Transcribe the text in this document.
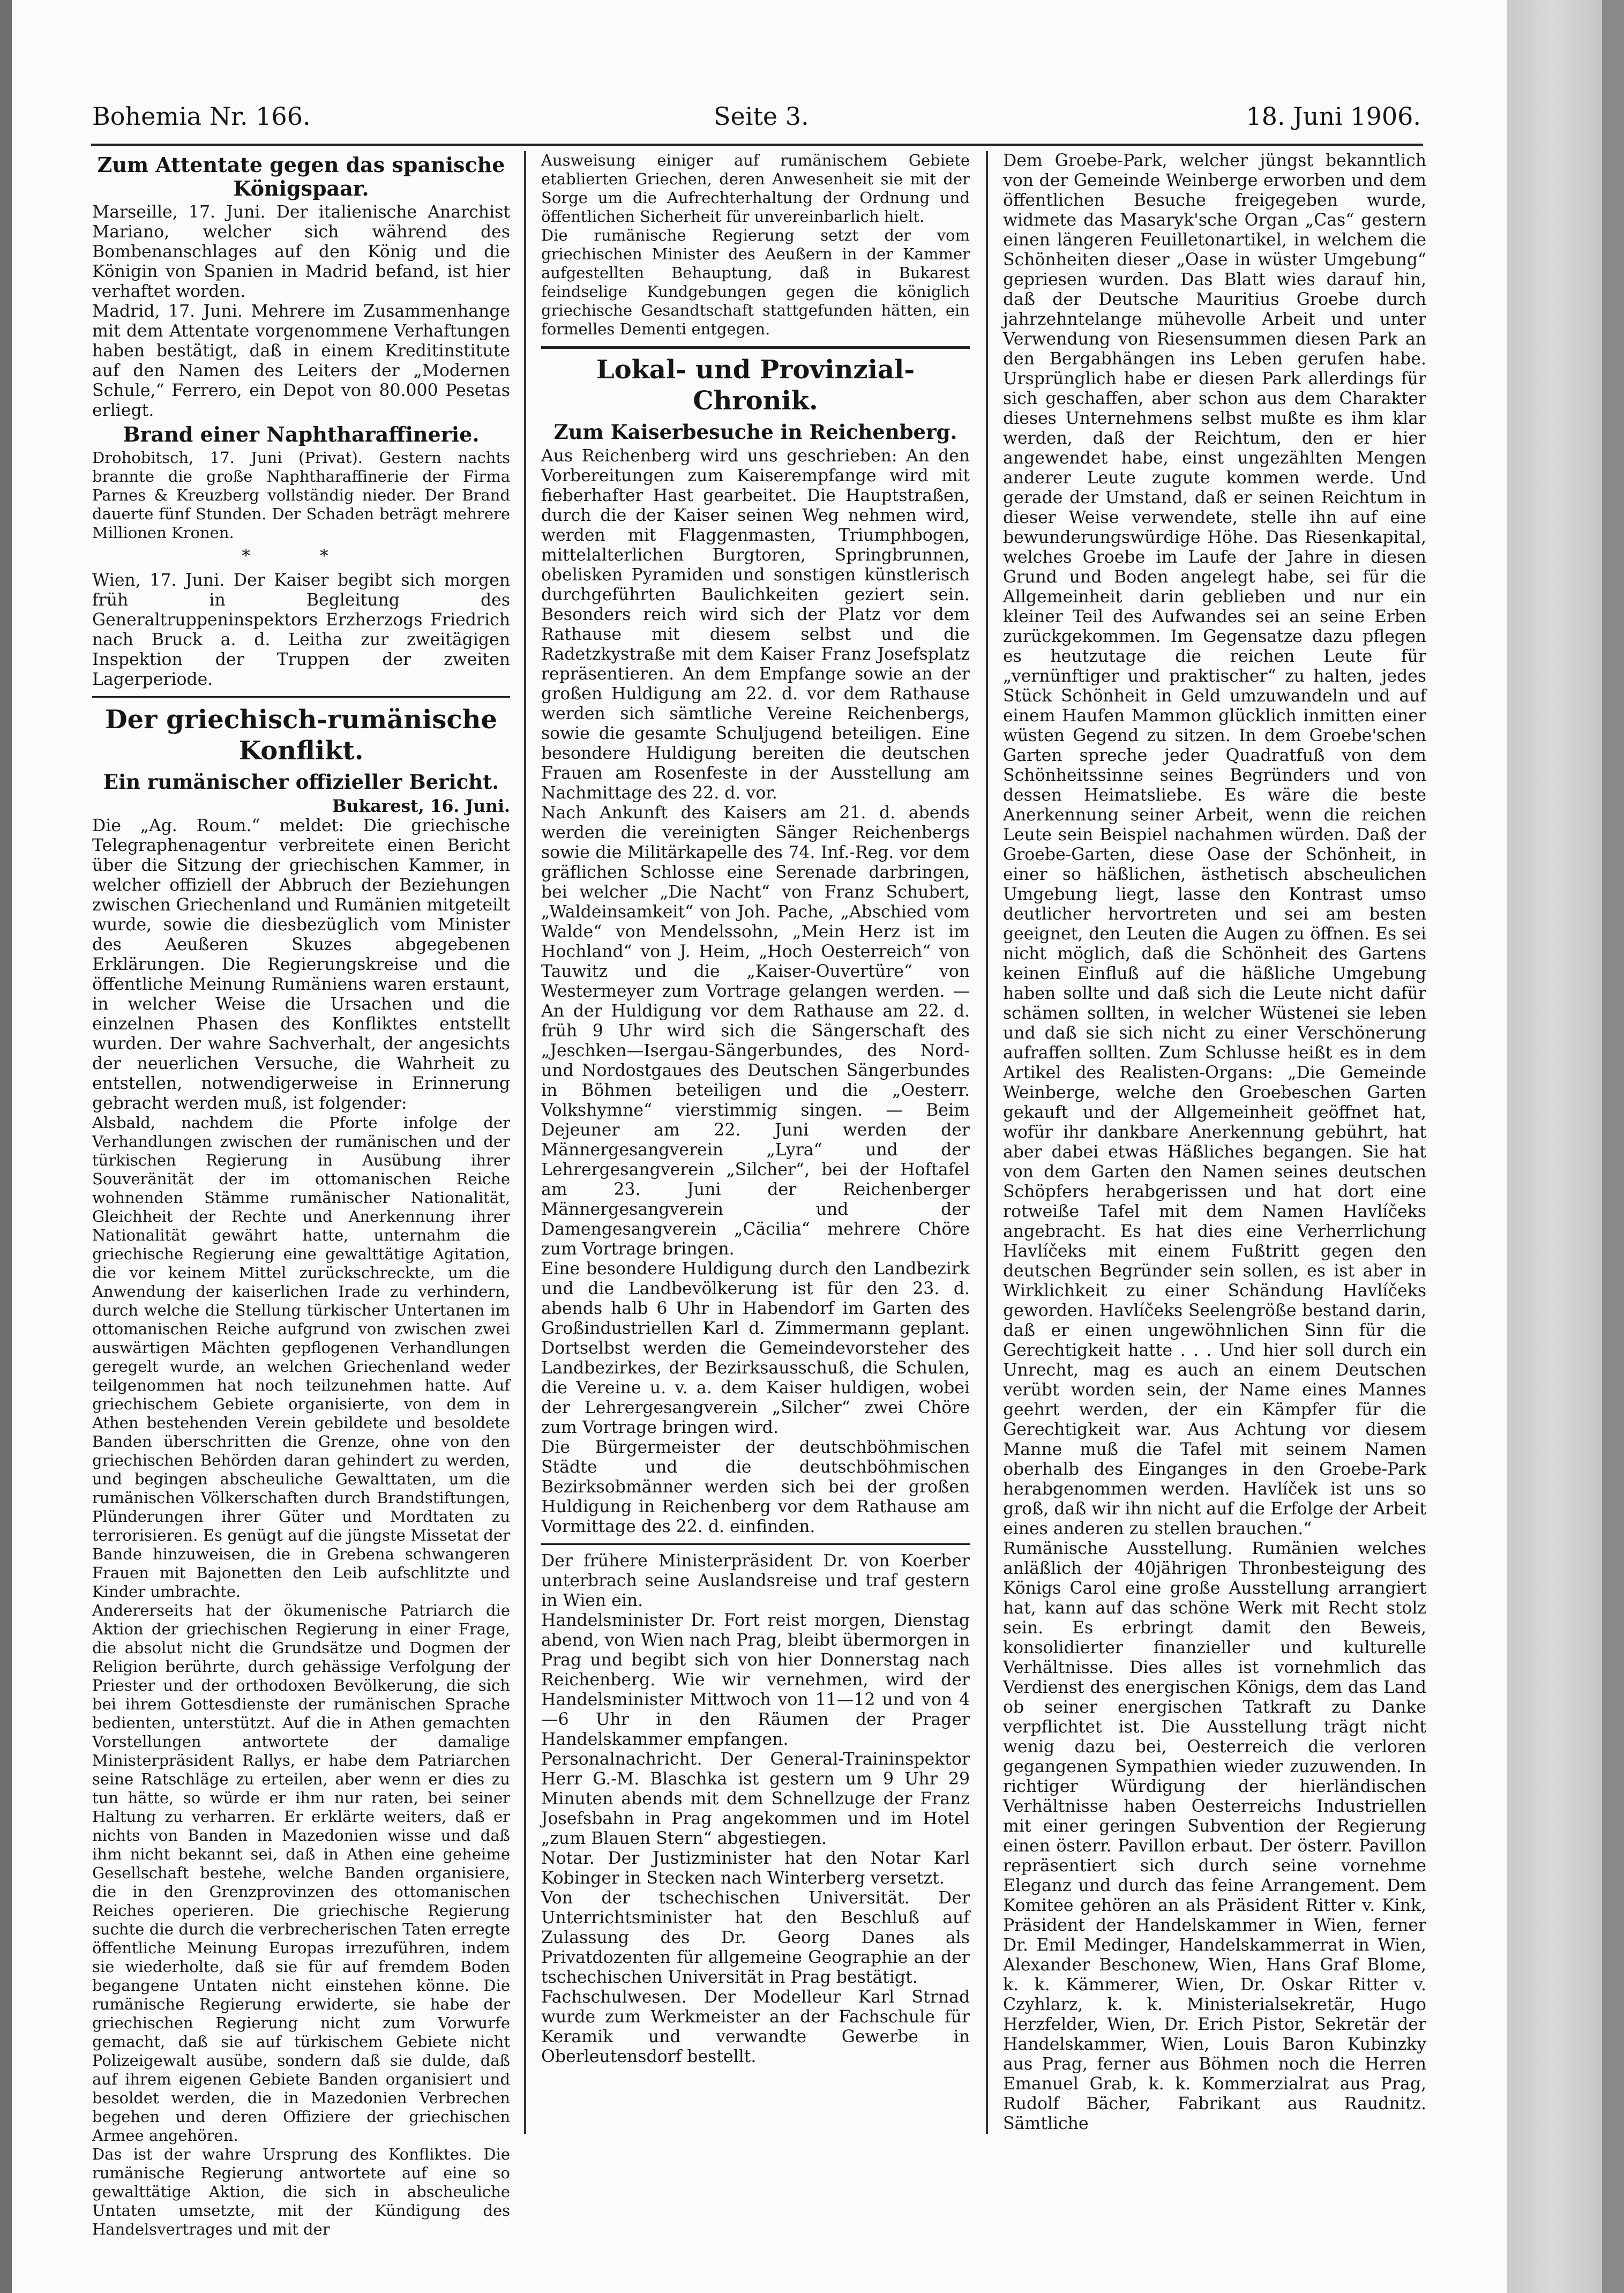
Bohemia Nr. 166.	Seite 3.	18. Juni 1906.
Zum Attentate gegen das spanische Königspaar.

Marseille, 17. Juni. Der italienische Anarchist Mariano, welcher sich während des Bombenanschlages auf den König und die Königin von Spanien in Madrid befand, ist hier verhaftet worden.

Madrid, 17. Juni. Mehrere im Zusammenhange mit dem Attentate vorgenommene Verhaftungen haben bestätigt, daß in einem Kreditinstitute auf den Namen des Leiters der „Modernen Schule,“ Ferrero, ein Depot von 80.000 Pesetas erliegt.

Brand einer Naphtharaffinerie.

Drohobitsch, 17. Juni (Privat). Gestern nachts brannte die große Naphtharaffinerie der Firma Parnes & Kreuzberg vollständig nieder. Der Brand dauerte fünf Stunden. Der Schaden beträgt mehrere Millionen Kronen.

* *

Wien, 17. Juni. Der Kaiser begibt sich morgen früh in Begleitung des Generaltruppeninspektors Erzherzogs Friedrich nach Bruck a. d. Leitha zur zweitägigen Inspektion der Truppen der zweiten Lagerperiode.

Der griechisch-rumänische Konflikt.
Ein rumänischer offizieller Bericht.

Bukarest, 16. Juni.

Die „Ag. Roum.“ meldet: Die griechische Telegraphenagentur verbreitete einen Bericht über die Sitzung der griechischen Kammer, in welcher offiziell der Abbruch der Beziehungen zwischen Griechenland und Rumänien mitgeteilt wurde, sowie die diesbezüglich vom Minister des Aeußeren Skuzes abgegebenen Erklärungen. Die Regierungskreise und die öffentliche Meinung Rumäniens waren erstaunt, in welcher Weise die Ursachen und die einzelnen Phasen des Konfliktes entstellt wurden. Der wahre Sachverhalt, der angesichts der neuerlichen Versuche, die Wahrheit zu entstellen, notwendigerweise in Erinnerung gebracht werden muß, ist folgender:

Alsbald, nachdem die Pforte infolge der Verhandlungen zwischen der rumänischen und der türkischen Regierung in Ausübung ihrer Souveränität der im ottomanischen Reiche wohnenden Stämme rumänischer Nationalität, Gleichheit der Rechte und Anerkennung ihrer Nationalität gewährt hatte, unternahm die griechische Regierung eine gewalttätige Agitation, die vor keinem Mittel zurückschreckte, um die Anwendung der kaiserlichen Irade zu verhindern, durch welche die Stellung türkischer Untertanen im ottomanischen Reiche aufgrund von zwischen zwei auswärtigen Mächten gepflogenen Verhandlungen geregelt wurde, an welchen Griechenland weder teilgenommen hat noch teilzunehmen hatte. Auf griechischem Gebiete organisierte, von dem in Athen bestehenden Verein gebildete und besoldete Banden überschritten die Grenze, ohne von den griechischen Behörden daran gehindert zu werden, und begingen abscheuliche Gewalttaten, um die rumänischen Völkerschaften durch Brandstiftungen, Plünderungen ihrer Güter und Mordtaten zu terrorisieren. Es genügt auf die jüngste Missetat der Bande hinzuweisen, die in Grebena schwangeren Frauen mit Bajonetten den Leib aufschlitzte und Kinder umbrachte.

Andererseits hat der ökumenische Patriarch die Aktion der griechischen Regierung in einer Frage, die absolut nicht die Grundsätze und Dogmen der Religion berührte, durch gehässige Verfolgung der Priester und der orthodoxen Bevölkerung, die sich bei ihrem Gottesdienste der rumänischen Sprache bedienten, unterstützt. Auf die in Athen gemachten Vorstellungen antwortete der damalige Ministerpräsident Rallys, er habe dem Patriarchen seine Ratschläge zu erteilen, aber wenn er dies zu tun hätte, so würde er ihm nur raten, bei seiner Haltung zu verharren. Er erklärte weiters, daß er nichts von Banden in Mazedonien wisse und daß ihm nicht bekannt sei, daß in Athen eine geheime Gesellschaft bestehe, welche Banden organisiere, die in den Grenzprovinzen des ottomanischen Reiches operieren. Die griechische Regierung suchte die durch die verbrecherischen Taten erregte öffentliche Meinung Europas irrezuführen, indem sie wiederholte, daß sie für auf fremdem Boden begangene Untaten nicht einstehen könne. Die rumänische Regierung erwiderte, sie habe der griechischen Regierung nicht zum Vorwurfe gemacht, daß sie auf türkischem Gebiete nicht Polizeigewalt ausübe, sondern daß sie dulde, daß auf ihrem eigenen Gebiete Banden organisiert und besoldet werden, die in Mazedonien Verbrechen begehen und deren Offiziere der griechischen Armee angehören.

Das ist der wahre Ursprung des Konfliktes. Die rumänische Regierung antwortete auf eine so gewalttätige Aktion, die sich in abscheuliche Untaten umsetzte, mit der Kündigung des Handelsvertrages und mit der

Ausweisung einiger auf rumänischem Gebiete etablierten Griechen, deren Anwesenheit sie mit der Sorge um die Aufrechterhaltung der Ordnung und öffentlichen Sicherheit für unvereinbarlich hielt.

Die rumänische Regierung setzt der vom griechischen Minister des Aeußern in der Kammer aufgestellten Behauptung, daß in Bukarest feindselige Kundgebungen gegen die königlich griechische Gesandtschaft stattgefunden hätten, ein formelles Dementi entgegen.

Lokal- und Provinzial-Chronik.
Zum Kaiserbesuche in Reichenberg.

Aus Reichenberg wird uns geschrieben: An den Vorbereitungen zum Kaiserempfange wird mit fieberhafter Hast gearbeitet. Die Hauptstraßen, durch die der Kaiser seinen Weg nehmen wird, werden mit Flaggenmasten, Triumphbogen, mittelalterlichen Burgtoren, Springbrunnen, obelisken Pyramiden und sonstigen künstlerisch durchgeführten Baulichkeiten geziert sein. Besonders reich wird sich der Platz vor dem Rathause mit diesem selbst und die Radetzkystraße mit dem Kaiser Franz Josefsplatz repräsentieren. An dem Empfange sowie an der großen Huldigung am 22. d. vor dem Rathause werden sich sämtliche Vereine Reichenbergs, sowie die gesamte Schuljugend beteiligen. Eine besondere Huldigung bereiten die deutschen Frauen am Rosenfeste in der Ausstellung am Nachmittage des 22. d. vor.

Nach Ankunft des Kaisers am 21. d. abends werden die vereinigten Sänger Reichenbergs sowie die Militärkapelle des 74. Inf.-Reg. vor dem gräflichen Schlosse eine Serenade darbringen, bei welcher „Die Nacht“ von Franz Schubert, „Waldeinsamkeit“ von Joh. Pache, „Abschied vom Walde“ von Mendelssohn, „Mein Herz ist im Hochland“ von J. Heim, „Hoch Oesterreich“ von Tauwitz und die „Kaiser-Ouvertüre“ von Westermeyer zum Vortrage gelangen werden. — An der Huldigung vor dem Rathause am 22. d. früh 9 Uhr wird sich die Sängerschaft des „Jeschken—Isergau-Sängerbundes, des Nord- und Nordostgaues des Deutschen Sängerbundes in Böhmen beteiligen und die „Oesterr. Volkshymne“ vierstimmig singen. — Beim Dejeuner am 22. Juni werden der Männergesangverein „Lyra“ und der Lehrergesangverein „Silcher“, bei der Hoftafel am 23. Juni der Reichenberger Männergesangverein und der Damengesangverein „Cäcilia“ mehrere Chöre zum Vortrage bringen.

Eine besondere Huldigung durch den Landbezirk und die Landbevölkerung ist für den 23. d. abends halb 6 Uhr in Habendorf im Garten des Großindustriellen Karl d. Zimmermann geplant. Dortselbst werden die Gemeindevorsteher des Landbezirkes, der Bezirksausschuß, die Schulen, die Vereine u. v. a. dem Kaiser huldigen, wobei der Lehrergesangverein „Silcher“ zwei Chöre zum Vortrage bringen wird.

Die Bürgermeister der deutschböhmischen Städte und die deutschböhmischen Bezirksobmänner werden sich bei der großen Huldigung in Reichenberg vor dem Rathause am Vormittage des 22. d. einfinden.

Der frühere Ministerpräsident Dr. von Koerber unterbrach seine Auslandsreise und traf gestern in Wien ein.

Handelsminister Dr. Fort reist morgen, Dienstag abend, von Wien nach Prag, bleibt übermorgen in Prag und begibt sich von hier Donnerstag nach Reichenberg. Wie wir vernehmen, wird der Handelsminister Mittwoch von 11—12 und von 4—6 Uhr in den Räumen der Prager Handelskammer empfangen.

Personalnachricht. Der General-Traininspektor Herr G.-M. Blaschka ist gestern um 9 Uhr 29 Minuten abends mit dem Schnellzuge der Franz Josefsbahn in Prag angekommen und im Hotel „zum Blauen Stern“ abgestiegen.

Notar. Der Justizminister hat den Notar Karl Kobinger in Stecken nach Winterberg versetzt.

Von der tschechischen Universität. Der Unterrichtsminister hat den Beschluß auf Zulassung des Dr. Georg Danes als Privatdozenten für allgemeine Geographie an der tschechischen Universität in Prag bestätigt.

Fachschulwesen. Der Modelleur Karl Strnad wurde zum Werkmeister an der Fachschule für Keramik und verwandte Gewerbe in Oberleutensdorf bestellt.

Dem Groebe-Park, welcher jüngst bekanntlich von der Gemeinde Weinberge erworben und dem öffentlichen Besuche freigegeben wurde, widmete das Masaryk'sche Organ „Cas“ gestern einen längeren Feuilletonartikel, in welchem die Schönheiten dieser „Oase in wüster Umgebung“ gepriesen wurden. Das Blatt wies darauf hin, daß der Deutsche Mauritius Groebe durch jahrzehntelange mühevolle Arbeit und unter Verwendung von Riesensummen diesen Park an den Bergabhängen ins Leben gerufen habe. Ursprünglich habe er diesen Park allerdings für sich geschaffen, aber schon aus dem Charakter dieses Unternehmens selbst mußte es ihm klar werden, daß der Reichtum, den er hier angewendet habe, einst ungezählten Mengen anderer Leute zugute kommen werde. Und gerade der Umstand, daß er seinen Reichtum in dieser Weise verwendete, stelle ihn auf eine bewunderungswürdige Höhe. Das Riesenkapital, welches Groebe im Laufe der Jahre in diesen Grund und Boden angelegt habe, sei für die Allgemeinheit darin geblieben und nur ein kleiner Teil des Aufwandes sei an seine Erben zurückgekommen. Im Gegensatze dazu pflegen es heutzutage die reichen Leute für „vernünftiger und praktischer“ zu halten, jedes Stück Schönheit in Geld umzuwandeln und auf einem Haufen Mammon glücklich inmitten einer wüsten Gegend zu sitzen. In dem Groebe'schen Garten spreche jeder Quadratfuß von dem Schönheitssinne seines Begründers und von dessen Heimatsliebe. Es wäre die beste Anerkennung seiner Arbeit, wenn die reichen Leute sein Beispiel nachahmen würden. Daß der Groebe-Garten, diese Oase der Schönheit, in einer so häßlichen, ästhetisch abscheulichen Umgebung liegt, lasse den Kontrast umso deutlicher hervortreten und sei am besten geeignet, den Leuten die Augen zu öffnen. Es sei nicht möglich, daß die Schönheit des Gartens keinen Einfluß auf die häßliche Umgebung haben sollte und daß sich die Leute nicht dafür schämen sollten, in welcher Wüstenei sie leben und daß sie sich nicht zu einer Verschönerung aufraffen sollten. Zum Schlusse heißt es in dem Artikel des Realisten-Organs: „Die Gemeinde Weinberge, welche den Groebeschen Garten gekauft und der Allgemeinheit geöffnet hat, wofür ihr dankbare Anerkennung gebührt, hat aber dabei etwas Häßliches begangen. Sie hat von dem Garten den Namen seines deutschen Schöpfers herabgerissen und hat dort eine rotweiße Tafel mit dem Namen Havlíčeks angebracht. Es hat dies eine Verherrlichung Havlíčeks mit einem Fußtritt gegen den deutschen Begründer sein sollen, es ist aber in Wirklichkeit zu einer Schändung Havlíčeks geworden. Havlíčeks Seelengröße bestand darin, daß er einen ungewöhnlichen Sinn für die Gerechtigkeit hatte . . . Und hier soll durch ein Unrecht, mag es auch an einem Deutschen verübt worden sein, der Name eines Mannes geehrt werden, der ein Kämpfer für die Gerechtigkeit war. Aus Achtung vor diesem Manne muß die Tafel mit seinem Namen oberhalb des Einganges in den Groebe-Park herabgenommen werden. Havlíček ist uns so groß, daß wir ihn nicht auf die Erfolge der Arbeit eines anderen zu stellen brauchen.“

Rumänische Ausstellung. Rumänien welches anläßlich der 40jährigen Thronbesteigung des Königs Carol eine große Ausstellung arrangiert hat, kann auf das schöne Werk mit Recht stolz sein. Es erbringt damit den Beweis, konsolidierter finanzieller und kulturelle Verhältnisse. Dies alles ist vornehmlich das Verdienst des energischen Königs, dem das Land ob seiner energischen Tatkraft zu Danke verpflichtet ist. Die Ausstellung trägt nicht wenig dazu bei, Oesterreich die verloren gegangenen Sympathien wieder zuzuwenden. In richtiger Würdigung der hierländischen Verhältnisse haben Oesterreichs Industriellen mit einer geringen Subvention der Regierung einen österr. Pavillon erbaut. Der österr. Pavillon repräsentiert sich durch seine vornehme Eleganz und durch das feine Arrangement. Dem Komitee gehören an als Präsident Ritter v. Kink, Präsident der Handelskammer in Wien, ferner Dr. Emil Medinger, Handelskammerrat in Wien, Alexander Beschonew, Wien, Hans Graf Blome, k. k. Kämmerer, Wien, Dr. Oskar Ritter v. Czyhlarz, k. k. Ministerialsekretär, Hugo Herzfelder, Wien, Dr. Erich Pistor, Sekretär der Handelskammer, Wien, Louis Baron Kubinzky aus Prag, ferner aus Böhmen noch die Herren Emanuel Grab, k. k. Kommerzialrat aus Prag, Rudolf Bächer, Fabrikant aus Raudnitz. Sämtliche
